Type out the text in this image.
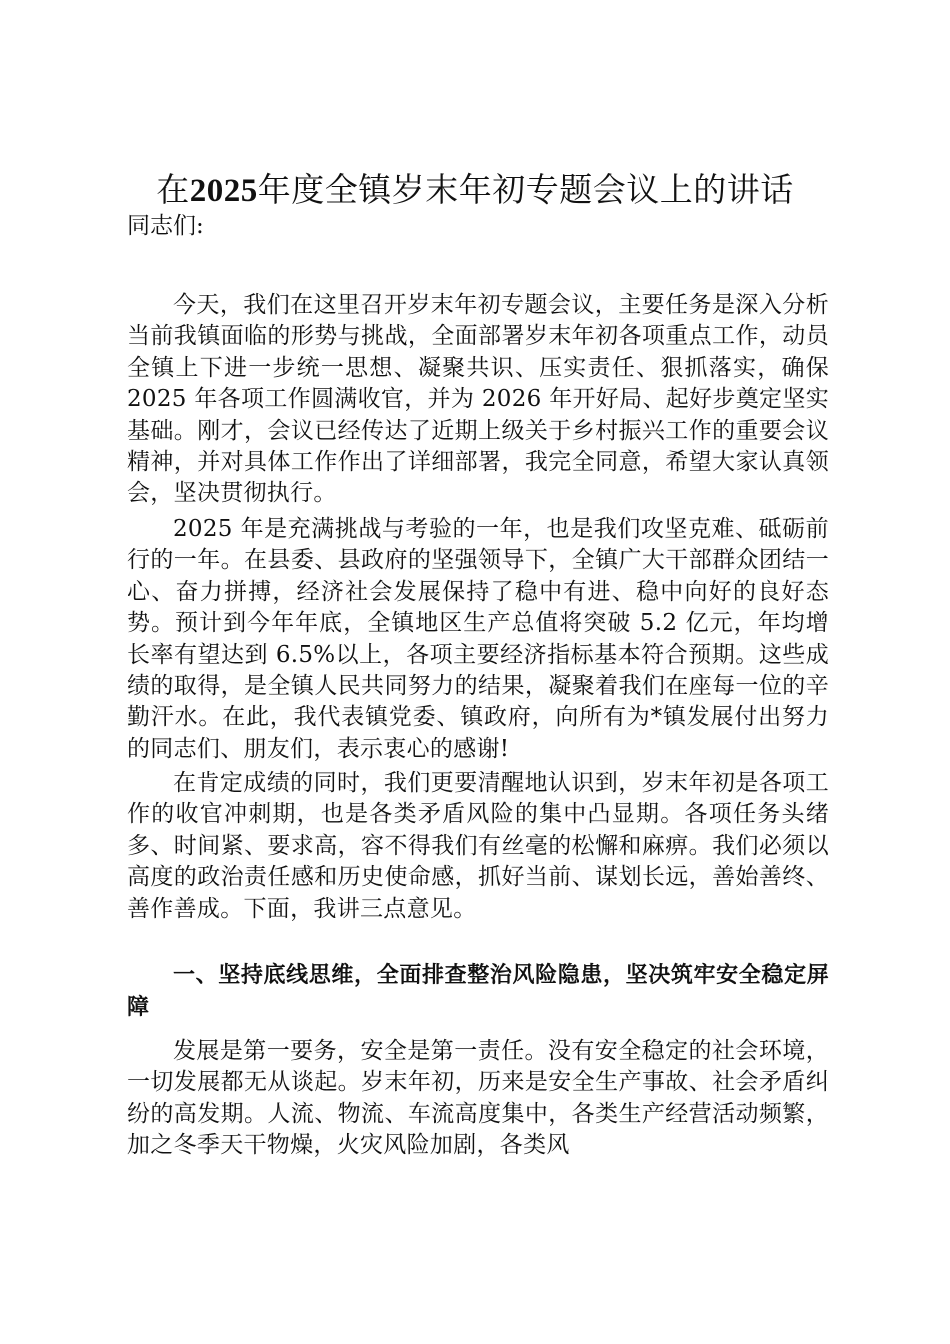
在2025年度全镇岁末年初专题会议上的讲话

同志们:

今天，我们在这里召开岁末年初专题会议，主要任务是深入分析当前我镇面临的形势与挑战，全面部署岁末年初各项重点工作，动员全镇上下进一步统一思想、凝聚共识、压实责任、狠抓落实，确保 2025 年各项工作圆满收官，并为 2026 年开好局、起好步奠定坚实基础。刚才，会议已经传达了近期上级关于乡村振兴工作的重要会议精神，并对具体工作作出了详细部署，我完全同意，希望大家认真领会，坚决贯彻执行。

2025 年是充满挑战与考验的一年，也是我们攻坚克难、砥砺前行的一年。在县委、县政府的坚强领导下，全镇广大干部群众团结一心、奋力拼搏，经济社会发展保持了稳中有进、稳中向好的良好态势。预计到今年年底，全镇地区生产总值将突破 5.2 亿元，年均增长率有望达到 6.5%以上，各项主要经济指标基本符合预期。这些成绩的取得，是全镇人民共同努力的结果，凝聚着我们在座每一位的辛勤汗水。在此，我代表镇党委、镇政府，向所有为*镇发展付出努力的同志们、朋友们，表示衷心的感谢!

在肯定成绩的同时，我们更要清醒地认识到，岁末年初是各项工作的收官冲刺期，也是各类矛盾风险的集中凸显期。各项任务头绪多、时间紧、要求高，容不得我们有丝毫的松懈和麻痹。我们必须以高度的政治责任感和历史使命感，抓好当前、谋划长远，善始善终、善作善成。下面，我讲三点意见。

一、坚持底线思维，全面排查整治风险隐患，坚决筑牢安全稳定屏障

发展是第一要务，安全是第一责任。没有安全稳定的社会环境，一切发展都无从谈起。岁末年初，历来是安全生产事故、社会矛盾纠纷的高发期。人流、物流、车流高度集中，各类生产经营活动频繁，加之冬季天干物燥，火灾风险加剧，各类风
